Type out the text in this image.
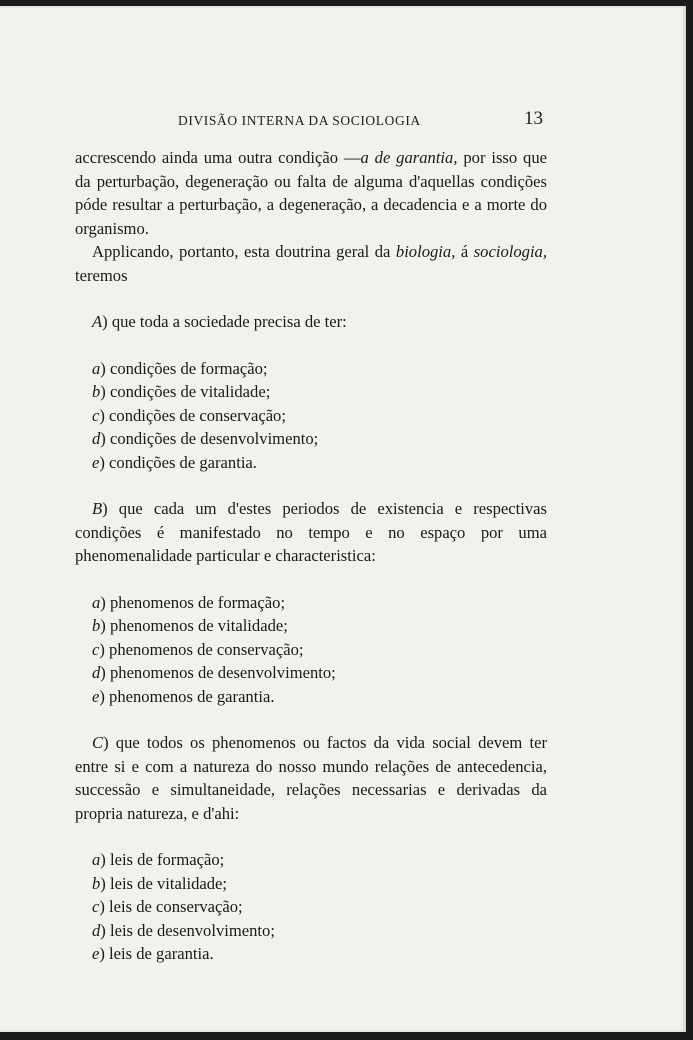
DIVISÃO INTERNA DA SOCIOLOGIA	13

accrescendo ainda uma outra condição —a de garantia, por isso que da perturbação, degeneração ou falta de alguma d'aquellas condições póde resultar a perturbação, a degeneração, a decadencia e a morte do organismo.

Applicando, portanto, esta doutrina geral da biologia, á sociologia, teremos

A) que toda a sociedade precisa de ter:

a) condições de formação;
b) condições de vitalidade;
c) condições de conservação;
d) condições de desenvolvimento;
e) condições de garantia.

B) que cada um d'estes periodos de existencia e respectivas condições é manifestado no tempo e no espaço por uma phenomenalidade particular e characteristica:

a) phenomenos de formação;
b) phenomenos de vitalidade;
c) phenomenos de conservação;
d) phenomenos de desenvolvimento;
e) phenomenos de garantia.

C) que todos os phenomenos ou factos da vida social devem ter entre si e com a natureza do nosso mundo relações de antecedencia, successão e simultaneidade, relações necessarias e derivadas da propria natureza, e d'ahi:

a) leis de formação;
b) leis de vitalidade;
c) leis de conservação;
d) leis de desenvolvimento;
e) leis de garantia.
